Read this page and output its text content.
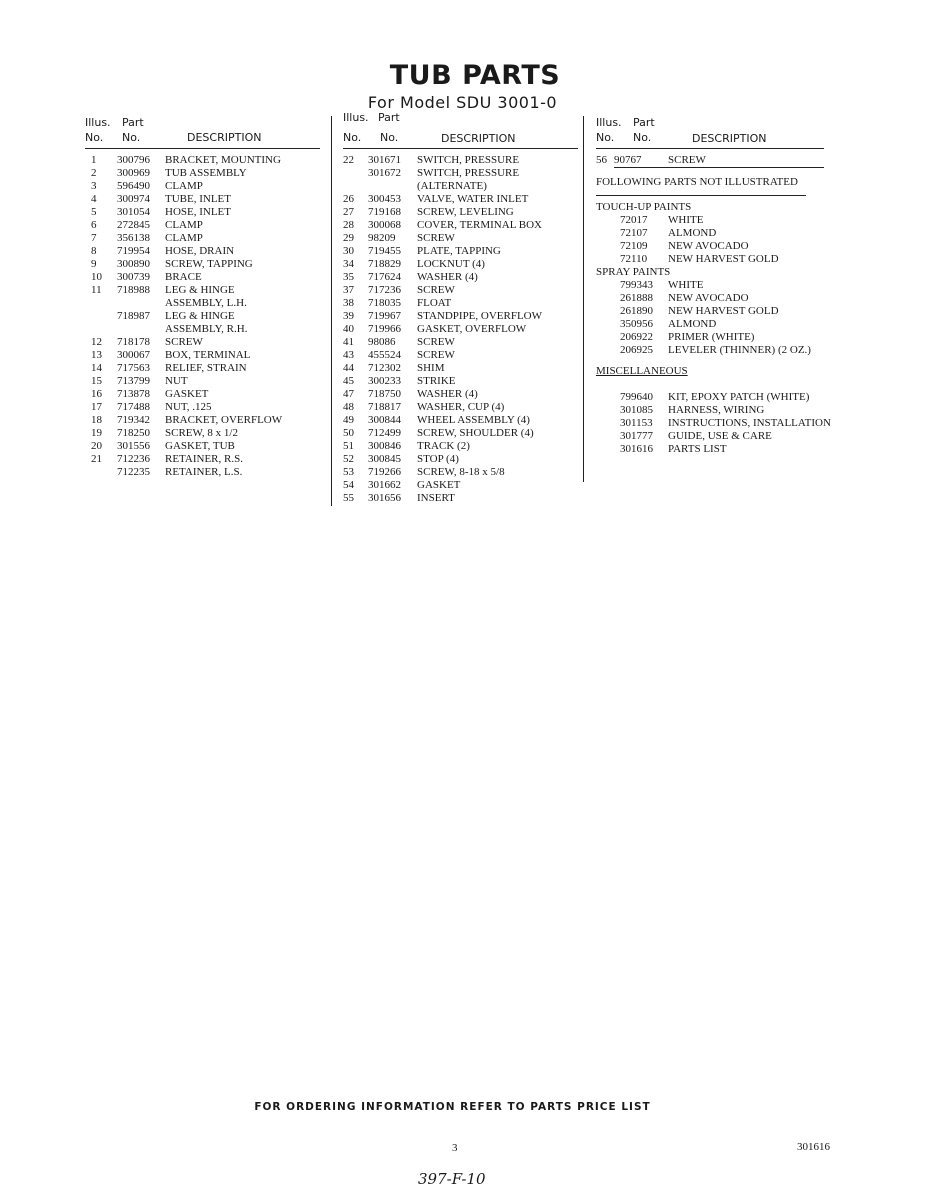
TUB PARTS
For Model SDU 3001-0
Illus. Part
No. No.	DESCRIPTION
1 300796 BRACKET, MOUNTING
2 300969 TUB ASSEMBLY
3 596490 CLAMP
4 300974 TUBE, INLET
5 301054 HOSE, INLET
6 272845 CLAMP
7 356138 CLAMP
8 719954 HOSE, DRAIN
9 300890 SCREW, TAPPING
10 300739 BRACE
11 718988 LEG & HINGE
ASSEMBLY, L.H.
718987 LEG & HINGE
ASSEMBLY, R.H.
12 718178 SCREW
13 300067 BOX, TERMINAL
14 717563 RELIEF, STRAIN
15 713799 NUT
16 713878 GASKET
17 717488 NUT, .125
18 719342 BRACKET, OVERFLOW
19 718250 SCREW, 8 x 1/2
20 301556 GASKET, TUB
21 712236 RETAINER, R.S.
712235 RETAINER, L.S.
Illus. Part
No. No.	DESCRIPTION
22 301671 SWITCH, PRESSURE
301672 SWITCH, PRESSURE
(ALTERNATE)
26 300453 VALVE, WATER INLET
27 719168 SCREW, LEVELING
28 300068 COVER, TERMINAL BOX
29 98209 SCREW
30 719455 PLATE, TAPPING
34 718829 LOCKNUT (4)
35 717624 WASHER (4)
37 717236 SCREW
38 718035 FLOAT
39 719967 STANDPIPE, OVERFLOW
40 719966 GASKET, OVERFLOW
41 98086 SCREW
43 455524 SCREW
44 712302 SHIM
45 300233 STRIKE
47 718750 WASHER (4)
48 718817 WASHER, CUP (4)
49 300844 WHEEL ASSEMBLY (4)
50 712499 SCREW, SHOULDER (4)
51 300846 TRACK (2)
52 300845 STOP (4)
53 719266 SCREW, 8-18 x 5/8
54 301662 GASKET
55 301656 INSERT
Illus. Part
No. No.	DESCRIPTION
56 90767 SCREW
FOLLOWING PARTS NOT ILLUSTRATED
TOUCH-UP PAINTS
72017 WHITE
72107 ALMOND
72109 NEW AVOCADO
72110 NEW HARVEST GOLD
SPRAY PAINTS
799343 WHITE
261888 NEW AVOCADO
261890 NEW HARVEST GOLD
350956 ALMOND
206922 PRIMER (WHITE)
206925 LEVELER (THINNER) (2 OZ.)
MISCELLANEOUS
799640 KIT, EPOXY PATCH (WHITE)
301085 HARNESS, WIRING
301153 INSTRUCTIONS, INSTALLATION
301777 GUIDE, USE & CARE
301616 PARTS LIST
FOR ORDERING INFORMATION REFER TO PARTS PRICE LIST
3	301616
397-F-10
